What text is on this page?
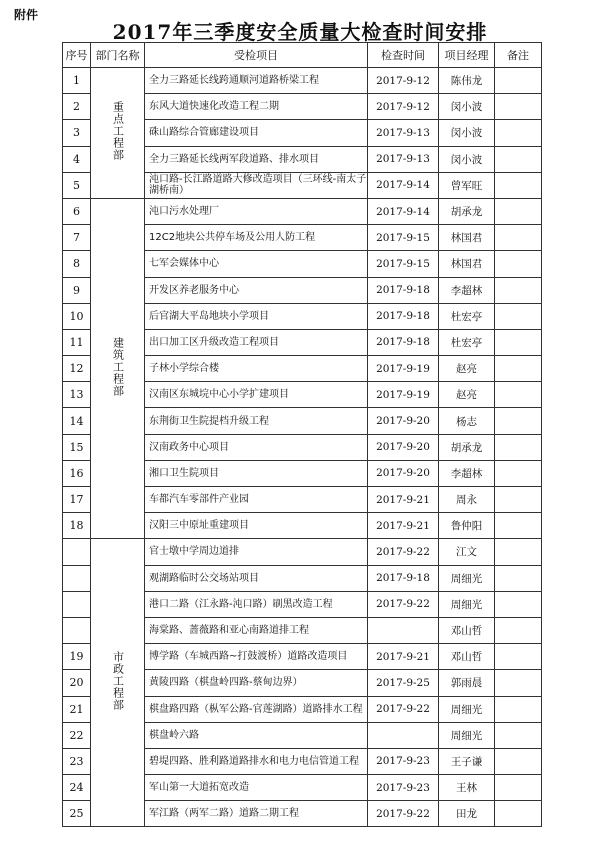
附件
2017年三季度安全质量大检查时间安排
序号	部门名称	受检项目	检查时间	项目经理	备注
1	重点工程部	全力三路延长线跨通顺河道路桥梁工程	2017-9-12	陈伟龙	
2		东风大道快速化改造工程二期	2017-9-12	闵小波	
3		硃山路综合管廊建设项目	2017-9-13	闵小波	
4		全力三路延长线两军段道路、排水项目	2017-9-13	闵小波	
5		沌口路-长江路道路大修改造项目（三环线-南太子湖桥南）	2017-9-14	曾军旺	
6	建筑工程部	沌口污水处理厂	2017-9-14	胡承龙	
7		12C2地块公共停车场及公用人防工程	2017-9-15	林国君	
8		七军会媒体中心	2017-9-15	林国君	
9		开发区养老服务中心	2017-9-18	李超林	
10		后官湖大平岛地块小学项目	2017-9-18	杜宏亭	
11		出口加工区升级改造工程项目	2017-9-18	杜宏亭	
12		子林小学综合楼	2017-9-19	赵亮	
13		汉南区东城垸中心小学扩建项目	2017-9-19	赵亮	
14		东荆街卫生院提档升级工程	2017-9-20	杨志	
15		汉南政务中心项目	2017-9-20	胡承龙	
16		湘口卫生院项目	2017-9-20	李超林	
17		车都汽车零部件产业园	2017-9-21	周永	
18		汉阳三中原址重建项目	2017-9-21	鲁仲阳	
	市政工程部	官士墩中学周边道排	2017-9-22	江文	
		观湖路临时公交场站项目	2017-9-18	周细光	
		港口二路（江永路-沌口路）刷黑改造工程	2017-9-22	周细光	
		海棠路、蔷薇路和亚心南路道排工程		邓山哲	
19		博学路（车城西路~打鼓渡桥）道路改造项目	2017-9-21	邓山哲	
20		黄陵四路（棋盘岭四路-蔡甸边界）	2017-9-25	郭雨晨	
21		棋盘路四路（枞军公路-官莲湖路）道路排水工程	2017-9-22	周细光	
22		棋盘岭六路		周细光	
23		碧堤四路、胜利路道路排水和电力电信管道工程	2017-9-23	王子谦	
24		军山第一大道拓宽改造	2017-9-23	王林	
25		军江路（两军二路）道路二期工程	2017-9-22	田龙	
